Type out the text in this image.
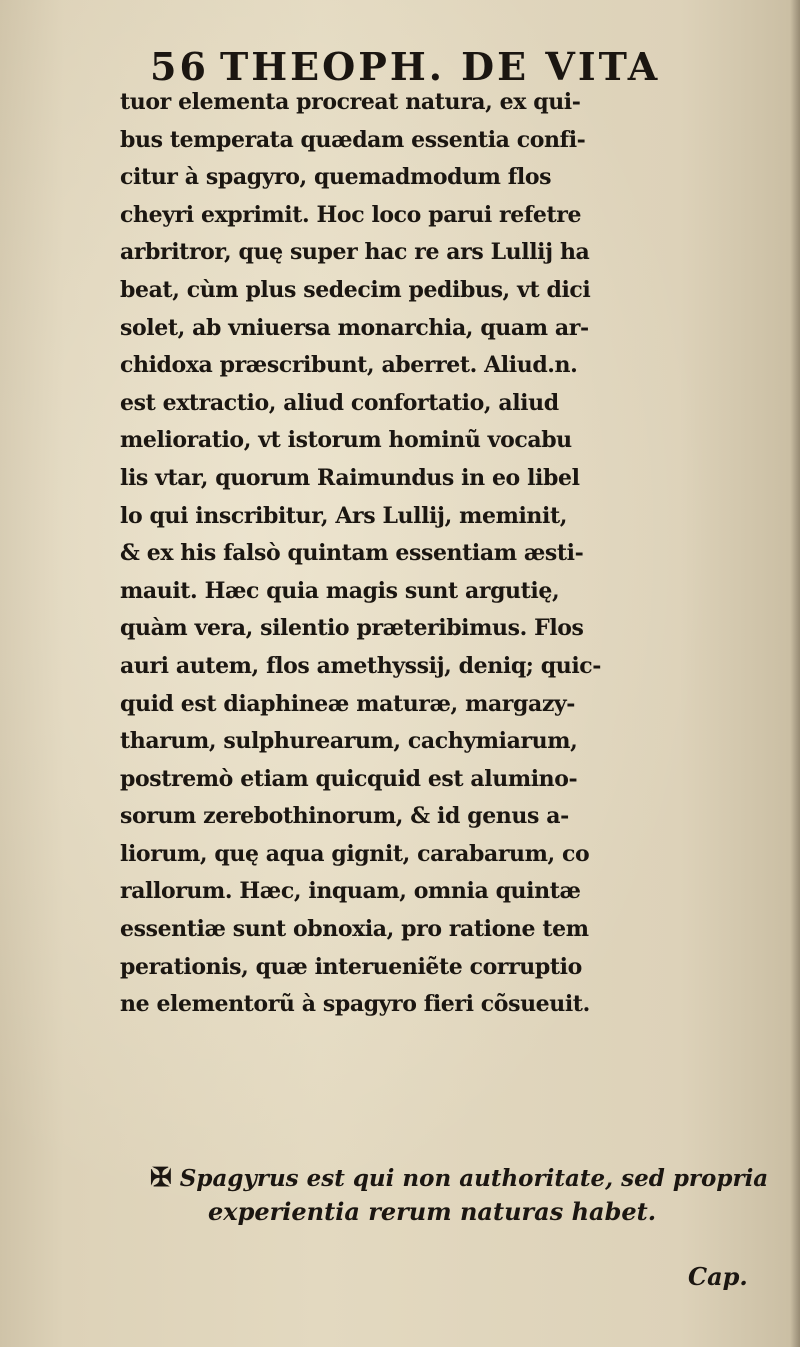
56 THEOPH. DE VITA
tuor elementa procreat natura, ex qui-
bus temperata quædam essentia confi-
citur à spagyro, quemadmodum flos
cheyri exprimit. Hoc loco parui refetre
arbritror, quę super hac re ars Lullij ha
beat, cùm plus sedecim pedibus, vt dici
solet, ab vniuersa monarchia, quam ar-
chidoxa præscribunt, aberret. Aliud.n.
est extractio, aliud confortatio, aliud
melioratio, vt istorum hominũ vocabu
lis vtar, quorum Raimundus in eo libel
lo qui inscribitur, Ars Lullij, meminit,
& ex his falsò quintam essentiam æsti-
mauit. Hæc quia magis sunt argutię,
quàm vera, silentio præteribimus. Flos
auri autem, flos amethyssij, deniq; quic-
quid est diaphineæ maturæ, margazy-
tharum, sulphurearum, cachymiarum,
postremò etiam quicquid est alumino-
sorum zerebothinorum, & id genus a-
liorum, quę aqua gignit, carabarum, co
rallorum. Hæc, inquam, omnia quintæ
essentiæ sunt obnoxia, pro ratione tem
perationis, quæ interueniẽte corruptio
ne elementorũ à spagyro fieri cõsueuit.
✠ Spagyrus est qui non authoritate, sed propria
experientia rerum naturas habet.
Cap.
